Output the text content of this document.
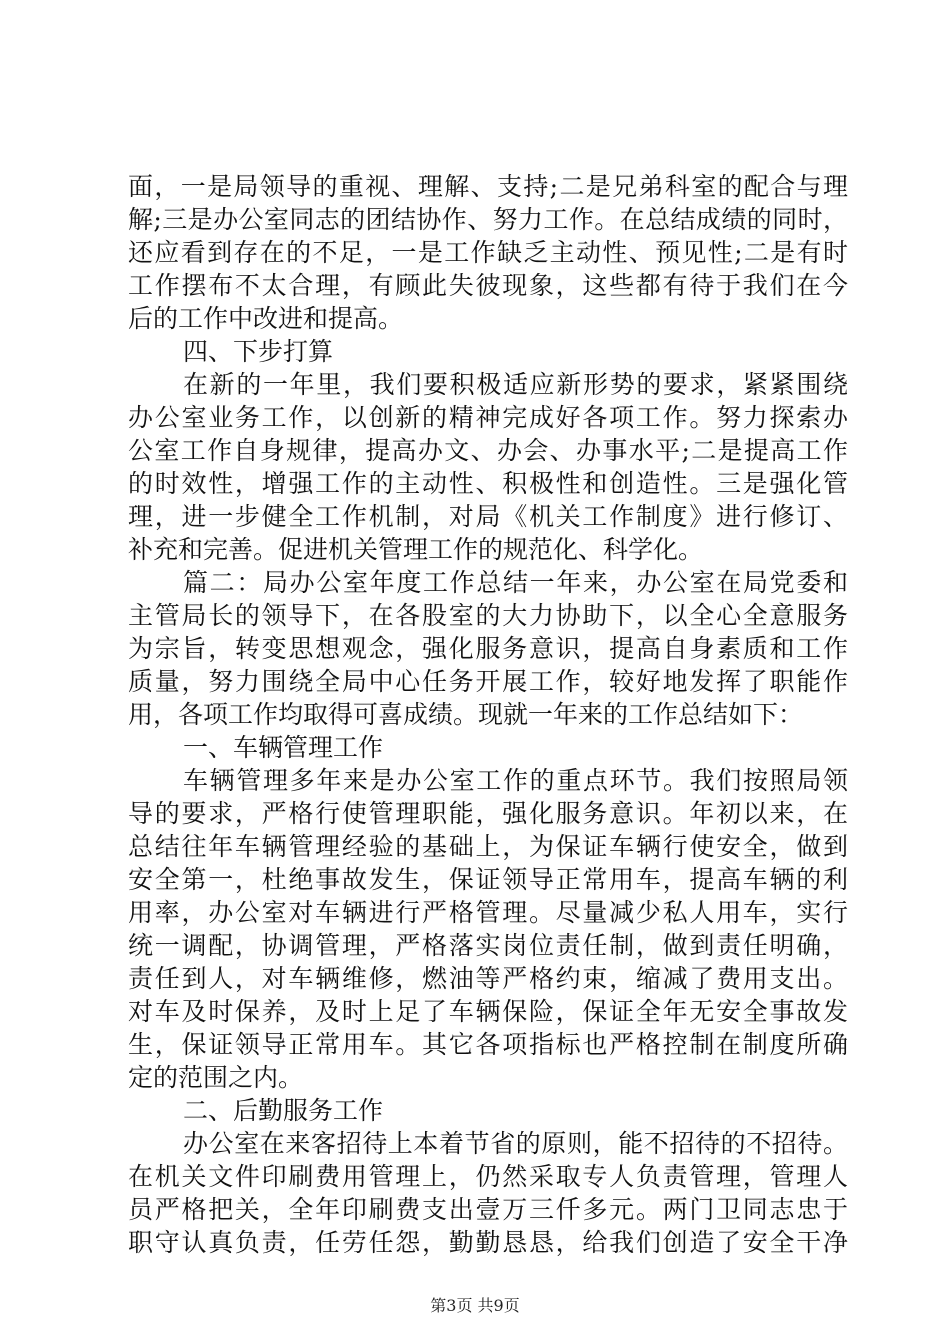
面，一是局领导的重视、理解、支持;二是兄弟科室的配合与理
解;三是办公室同志的团结协作、努力工作。在总结成绩的同时，
还应看到存在的不足，一是工作缺乏主动性、预见性;二是有时
工作摆布不太合理，有顾此失彼现象，这些都有待于我们在今
后的工作中改进和提高。
四、下步打算
在新的一年里，我们要积极适应新形势的要求，紧紧围绕
办公室业务工作，以创新的精神完成好各项工作。努力探索办
公室工作自身规律，提高办文、办会、办事水平;二是提高工作
的时效性，增强工作的主动性、积极性和创造性。三是强化管
理，进一步健全工作机制，对局《机关工作制度》进行修订、
补充和完善。促进机关管理工作的规范化、科学化。
篇二：局办公室年度工作总结一年来，办公室在局党委和
主管局长的领导下，在各股室的大力协助下，以全心全意服务
为宗旨，转变思想观念，强化服务意识，提高自身素质和工作
质量，努力围绕全局中心任务开展工作，较好地发挥了职能作
用，各项工作均取得可喜成绩。现就一年来的工作总结如下：
一、车辆管理工作
车辆管理多年来是办公室工作的重点环节。我们按照局领
导的要求，严格行使管理职能，强化服务意识。年初以来，在
总结往年车辆管理经验的基础上，为保证车辆行使安全，做到
安全第一，杜绝事故发生，保证领导正常用车，提高车辆的利
用率，办公室对车辆进行严格管理。尽量减少私人用车，实行
统一调配，协调管理，严格落实岗位责任制，做到责任明确，
责任到人，对车辆维修，燃油等严格约束，缩减了费用支出。
对车及时保养，及时上足了车辆保险，保证全年无安全事故发
生，保证领导正常用车。其它各项指标也严格控制在制度所确
定的范围之内。
二、后勤服务工作
办公室在来客招待上本着节省的原则，能不招待的不招待。
在机关文件印刷费用管理上，仍然采取专人负责管理，管理人
员严格把关，全年印刷费支出壹万三仟多元。两门卫同志忠于
职守认真负责，任劳任怨，勤勤恳恳，给我们创造了安全干净
第3页 共9页
